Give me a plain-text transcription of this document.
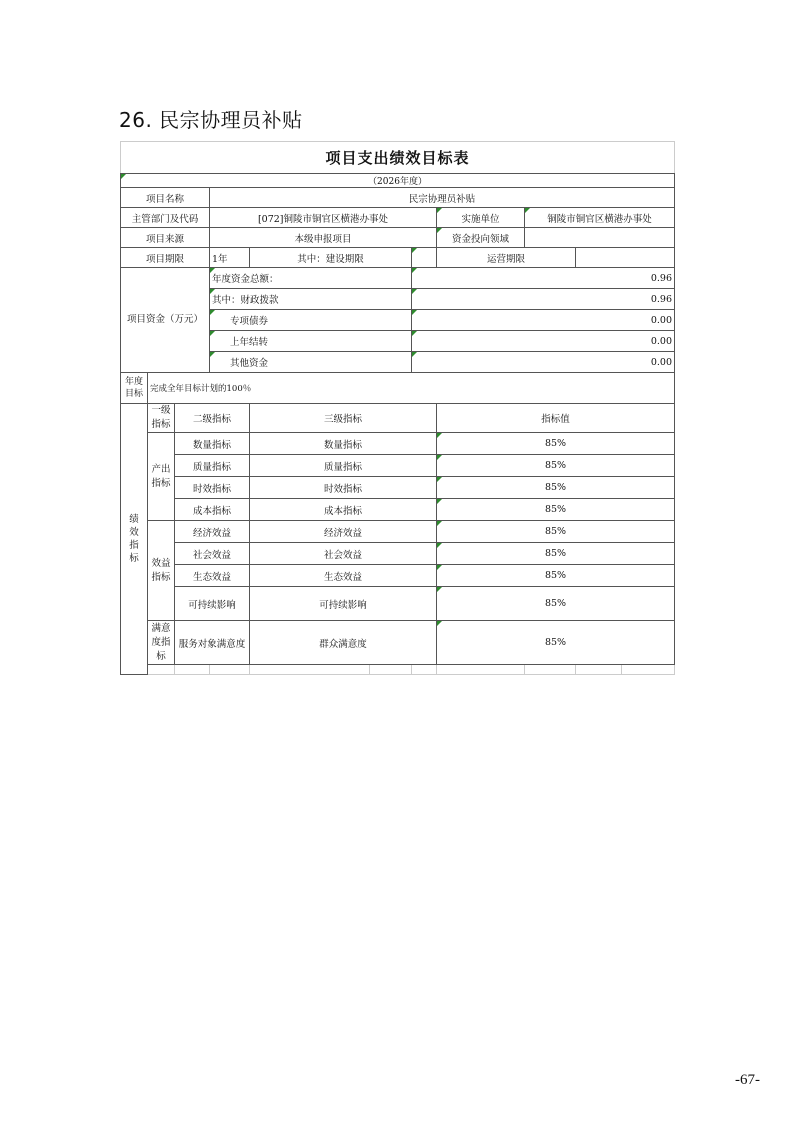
26. 民宗协理员补贴
项目支出绩效目标表										
（2026年度）										
项目名称			民宗协理员补贴							
主管部门及代码			[072]铜陵市铜官区横港办事处				实施单位	铜陵市铜官区横港办事处		
项目来源			本级申报项目				资金投向领域			
项目期限			1年	其中：建设期限			运营期限			
项目资金（万元）			年度资金总额：			0.96				
			其中：财政拨款			0.96				
			专项债券			0.00				
			上年结转			0.00				
			其他资金			0.00				
年度目标	完成全年目标计划的100％									
绩效指标	一级指标	二级指标		三级指标			指标值			
	产出指标	数量指标		数量指标			85%			
		质量指标		质量指标			85%			
		时效指标		时效指标			85%			
		成本指标		成本指标			85%			
	效益指标	经济效益		经济效益			85%			
		社会效益		社会效益			85%			
		生态效益		生态效益			85%			
		可持续影响		可持续影响			85%			
	满意度指标	服务对象满意度		群众满意度			85%			

-67-
